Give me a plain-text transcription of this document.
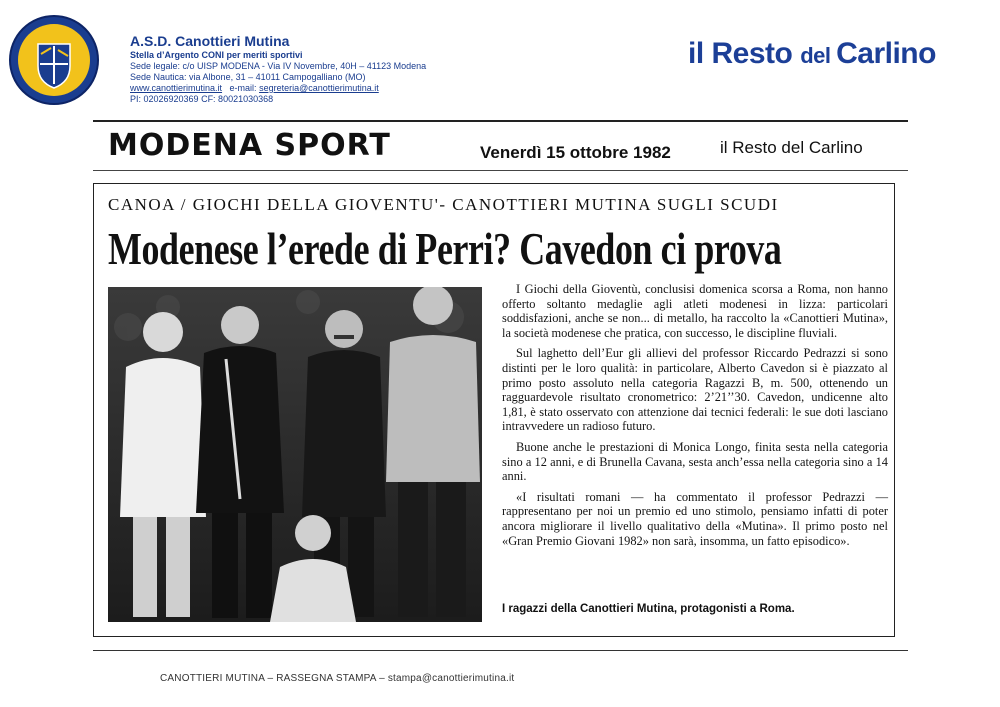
A.S.D. Canottieri Mutina
Stella d’Argento CONI per meriti sportivi
Sede legale: c/o UISP MODENA - Via IV Novembre, 40H – 41123 Modena
Sede Nautica: via Albone, 31 – 41011 Campogalliano (MO)
www.canottierimutina.it   e-mail: segreteria@canottierimutina.it
PI: 02026920369 CF: 80021030368
il Resto del Carlino
MODENA SPORT	Venerdì 15 ottobre 1982	il Resto del Carlino
CANOA / GIOCHI DELLA GIOVENTU'- CANOTTIERI MUTINA SUGLI SCUDI
Modenese l’erede di Perri? Cavedon ci prova

I Giochi della Gioventù, conclusisi domenica scorsa a Roma, non hanno offerto soltanto medaglie agli atleti modenesi in lizza: particolari soddisfazioni, anche se non... di metallo, ha raccolto la «Canottieri Mutina», la società modenese che pratica, con successo, le discipline fluviali.

Sul laghetto dell’Eur gli allievi del professor Riccardo Pedrazzi si sono distinti per le loro qualità: in particolare, Alberto Cavedon si è piazzato al primo posto assoluto nella categoria Ragazzi B, m. 500, ottenendo un ragguardevole risultato cronometrico: 2’21’’30. Cavedon, undicenne alto 1,81, è stato osservato con attenzione dai tecnici federali: le sue doti lasciano intravvedere un radioso futuro.

Buone anche le prestazioni di Monica Longo, finita sesta nella categoria sino a 12 anni, e di Brunella Cavana, sesta anch’essa nella categoria sino a 14 anni.

«I risultati romani — ha commentato il professor Pedrazzi — rappresentano per noi un premio ed uno stimolo, pensiamo infatti di poter ancora migliorare il livello qualitativo della «Mutina». Il primo posto nel «Gran Premio Giovani 1982» non sarà, insomma, un fatto episodico».

I ragazzi della Canottieri Mutina, protagonisti a Roma.
CANOTTIERI MUTINA – RASSEGNA STAMPA – stampa@canottierimutina.it
